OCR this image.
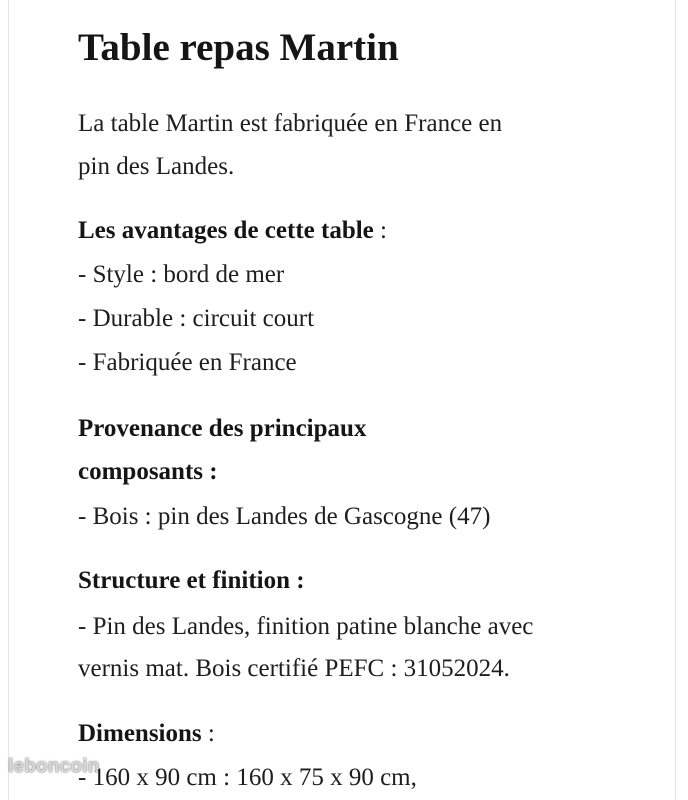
Table repas Martin
La table Martin est fabriquée en France en
pin des Landes.
Les avantages de cette table :
- Style : bord de mer
- Durable : circuit court
- Fabriquée en France
Provenance des principaux
composants :
- Bois : pin des Landes de Gascogne (47)
Structure et finition :
- Pin des Landes, finition patine blanche avec
vernis mat. Bois certifié PEFC : 31052024.
Dimensions :
- 160 x 90 cm : 160 x 75 x 90 cm,
leboncoin
